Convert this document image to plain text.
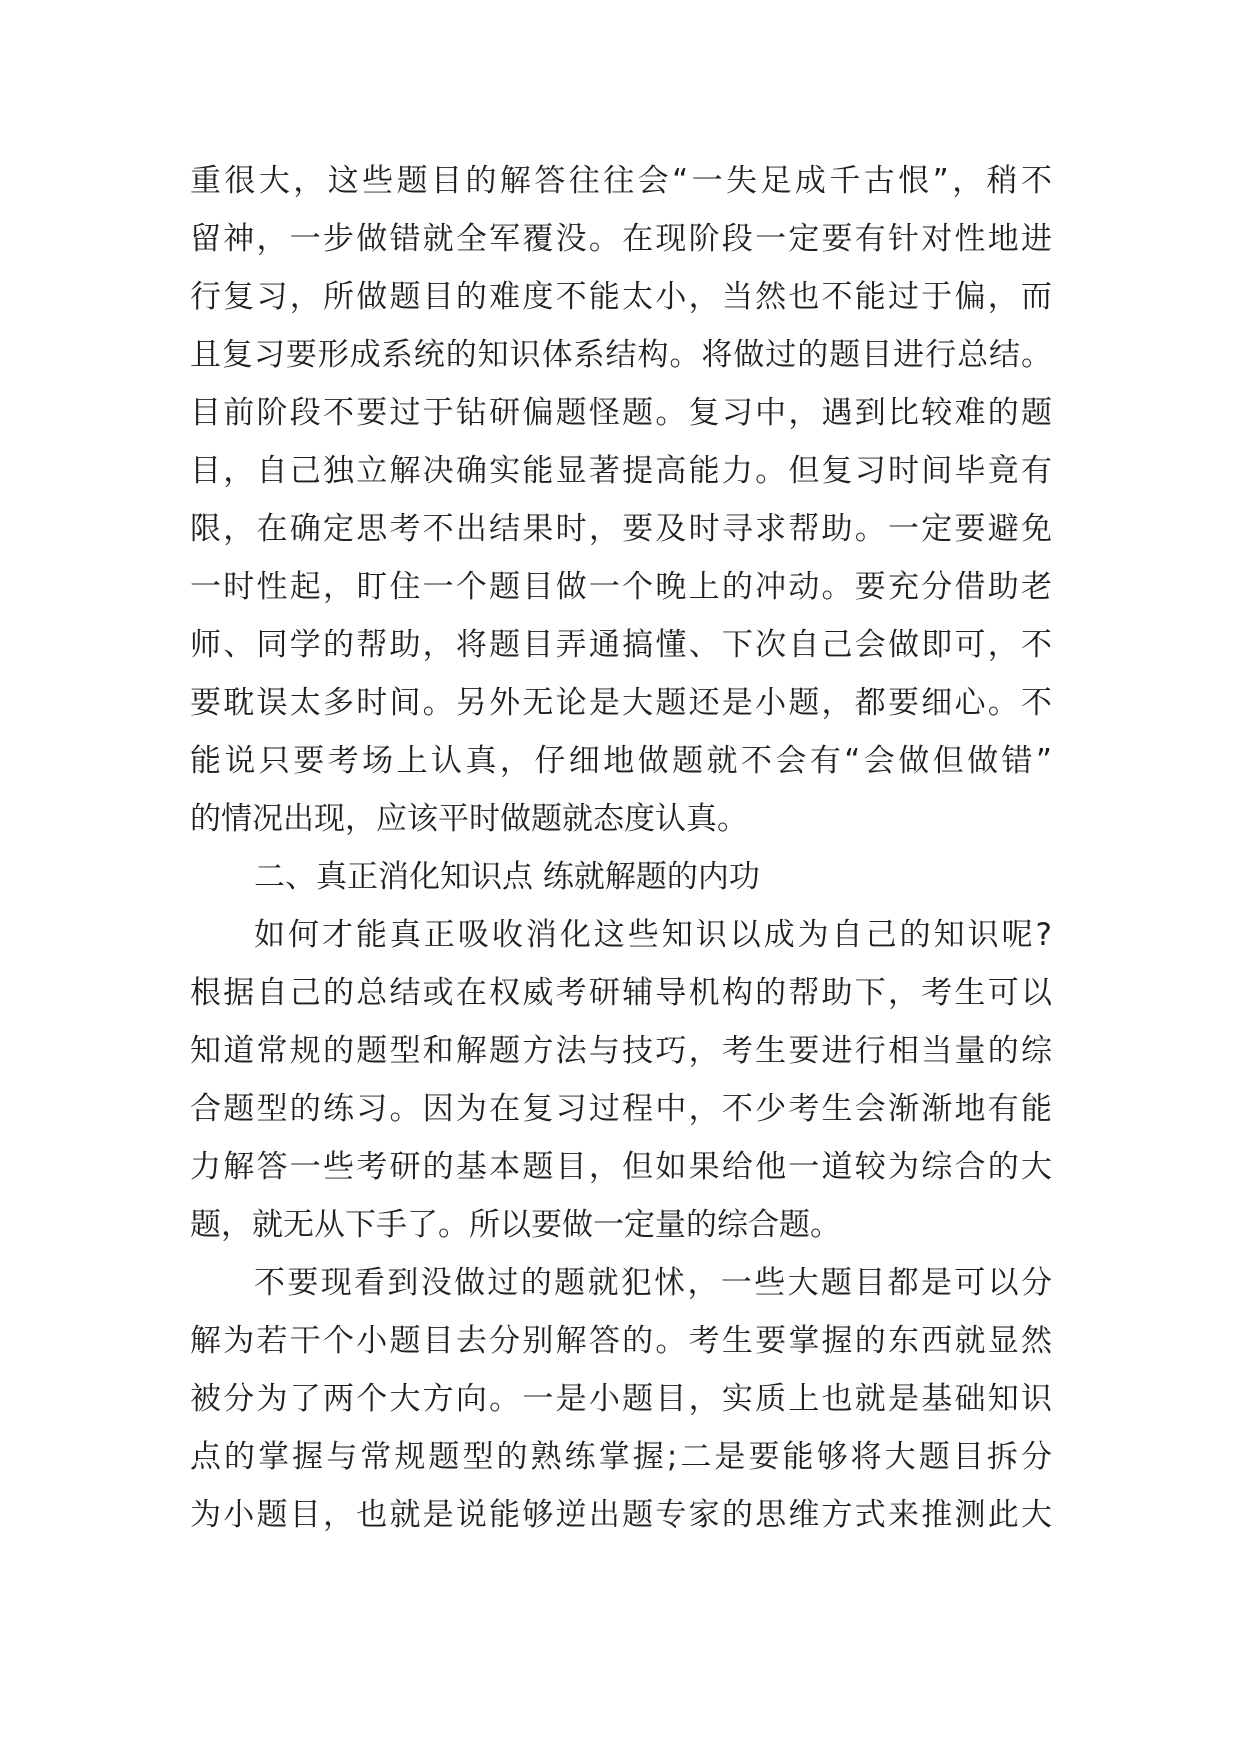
重很大，这些题目的解答往往会“一失足成千古恨”，稍不
留神，一步做错就全军覆没。在现阶段一定要有针对性地进
行复习，所做题目的难度不能太小，当然也不能过于偏，而
且复习要形成系统的知识体系结构。将做过的题目进行总结。
目前阶段不要过于钻研偏题怪题。复习中，遇到比较难的题
目，自己独立解决确实能显著提高能力。但复习时间毕竟有
限，在确定思考不出结果时，要及时寻求帮助。一定要避免
一时性起，盯住一个题目做一个晚上的冲动。要充分借助老
师、同学的帮助，将题目弄通搞懂、下次自己会做即可，不
要耽误太多时间。另外无论是大题还是小题，都要细心。不
能说只要考场上认真，仔细地做题就不会有“会做但做错”
的情况出现，应该平时做题就态度认真。
二、真正消化知识点 练就解题的内功
如何才能真正吸收消化这些知识以成为自己的知识呢?
根据自己的总结或在权威考研辅导机构的帮助下，考生可以
知道常规的题型和解题方法与技巧，考生要进行相当量的综
合题型的练习。因为在复习过程中，不少考生会渐渐地有能
力解答一些考研的基本题目，但如果给他一道较为综合的大
题，就无从下手了。所以要做一定量的综合题。
不要现看到没做过的题就犯怵，一些大题目都是可以分
解为若干个小题目去分别解答的。考生要掌握的东西就显然
被分为了两个大方向。一是小题目，实质上也就是基础知识
点的掌握与常规题型的熟练掌握;二是要能够将大题目拆分
为小题目，也就是说能够逆出题专家的思维方式来推测此大
